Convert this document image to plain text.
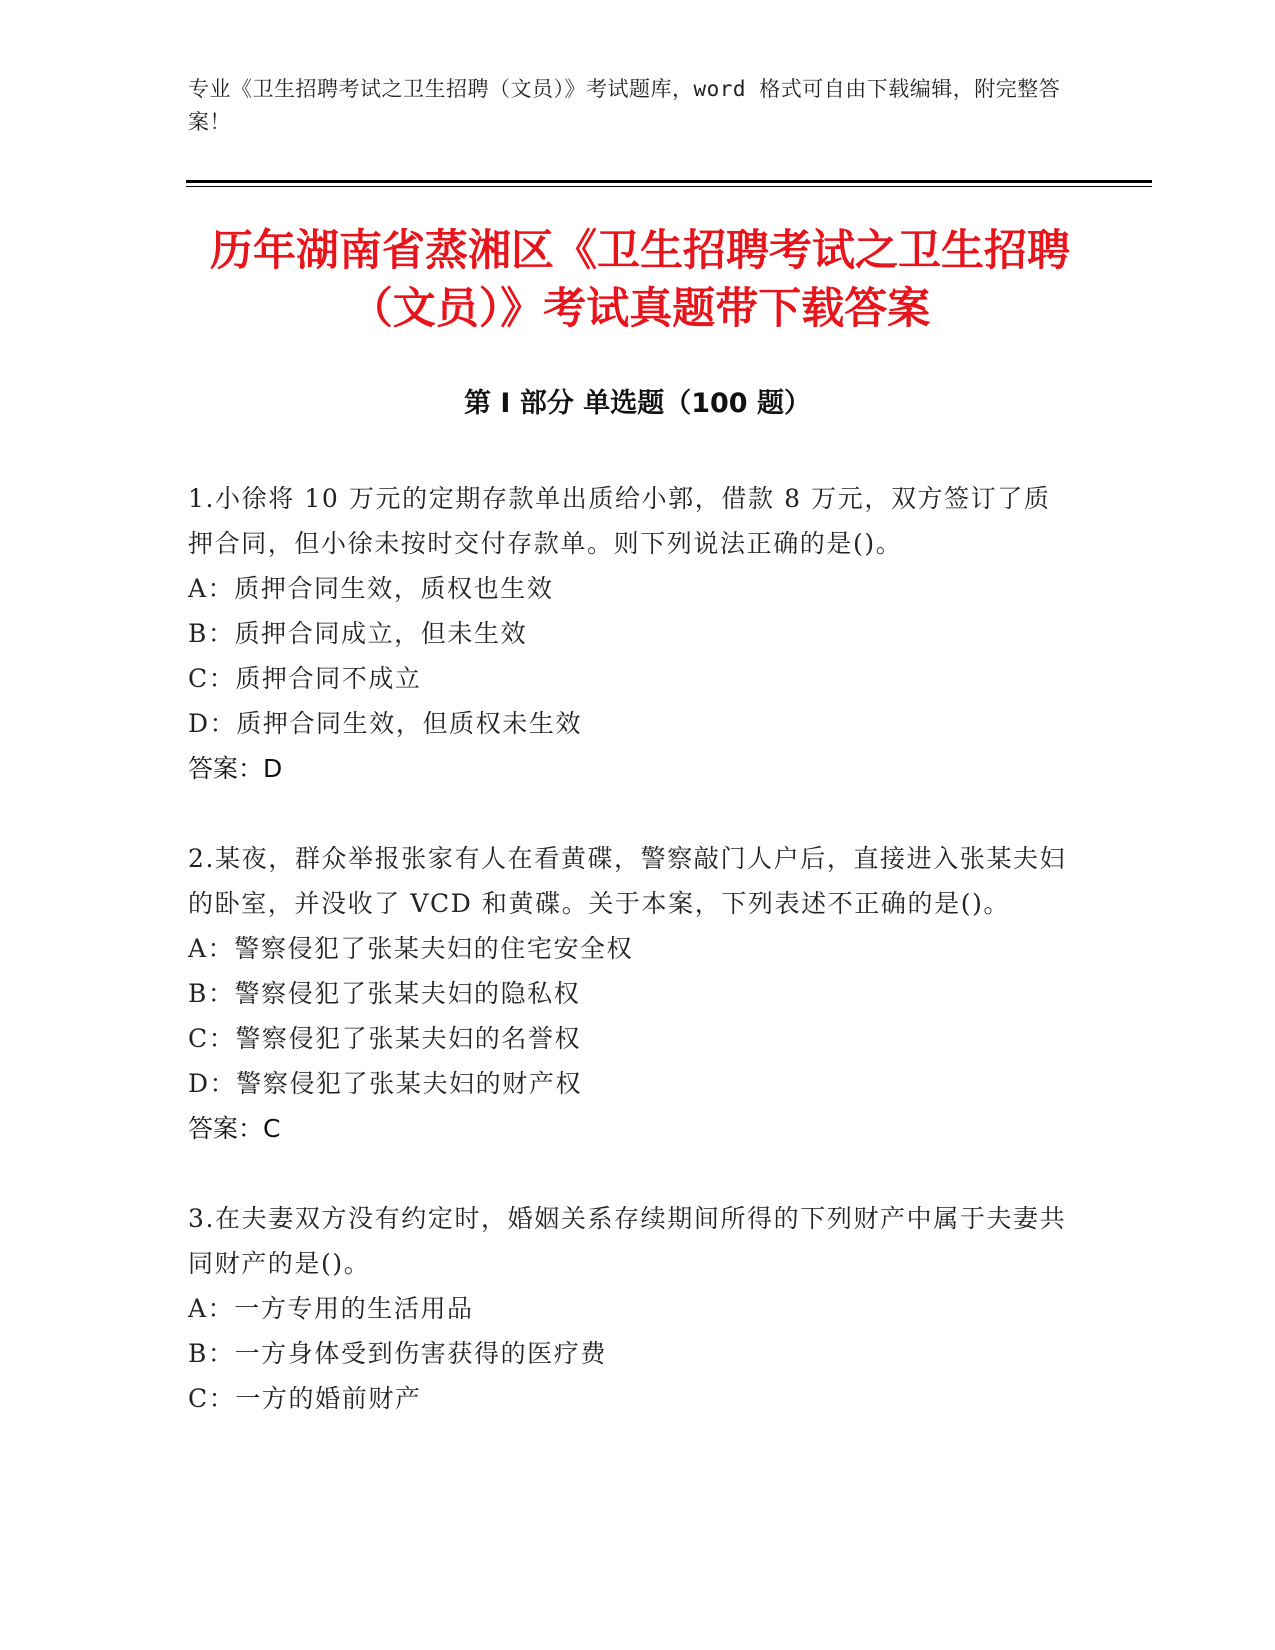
专业《卫生招聘考试之卫生招聘（文员）》考试题库，word 格式可自由下载编辑，附完整答案！
历年湖南省蒸湘区《卫生招聘考试之卫生招聘（文员）》考试真题带下载答案
第 I 部分 单选题（100 题）
1.小徐将 10 万元的定期存款单出质给小郭，借款 8 万元，双方签订了质押合同，但小徐未按时交付存款单。则下列说法正确的是()。
A：质押合同生效，质权也生效
B：质押合同成立，但未生效
C：质押合同不成立
D：质押合同生效，但质权未生效
答案：D
2.某夜，群众举报张家有人在看黄碟，警察敲门人户后，直接进入张某夫妇的卧室，并没收了 VCD 和黄碟。关于本案，下列表述不正确的是()。
A：警察侵犯了张某夫妇的住宅安全权
B：警察侵犯了张某夫妇的隐私权
C：警察侵犯了张某夫妇的名誉权
D：警察侵犯了张某夫妇的财产权
答案：C
3.在夫妻双方没有约定时，婚姻关系存续期间所得的下列财产中属于夫妻共同财产的是()。
A：一方专用的生活用品
B：一方身体受到伤害获得的医疗费
C：一方的婚前财产
